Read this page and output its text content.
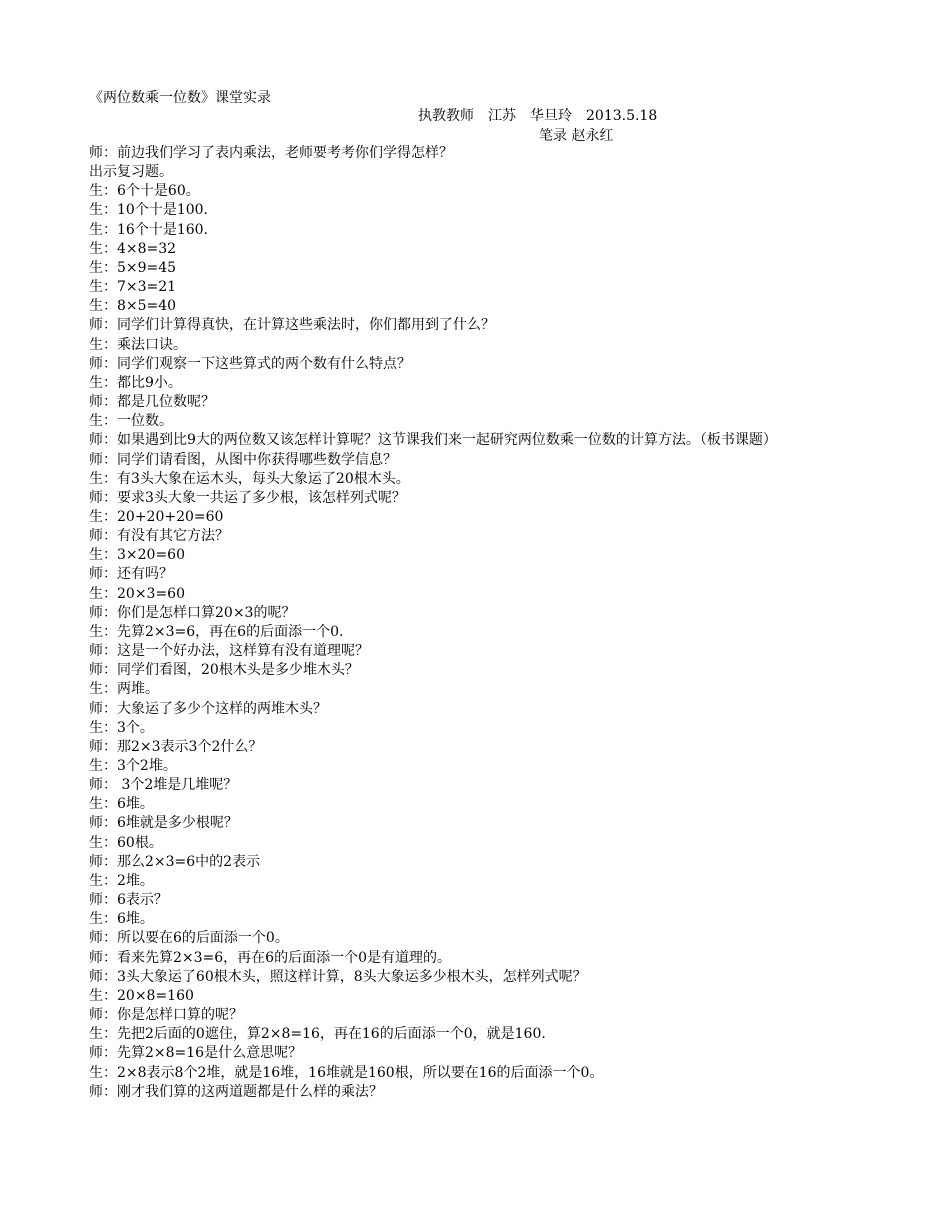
《两位数乘一位数》课堂实录
执教教师　江苏　华旦玲　2013.5.18
笔录 赵永红
师：前边我们学习了表内乘法，老师要考考你们学得怎样？
出示复习题。
生：6个十是60。
生：10个十是100.
生：16个十是160.
生：4×8=32
生：5×9=45
生：7×3=21
生：8×5=40
师：同学们计算得真快，在计算这些乘法时，你们都用到了什么？
生：乘法口诀。
师：同学们观察一下这些算式的两个数有什么特点？
生：都比9小。
师：都是几位数呢？
生：一位数。
师：如果遇到比9大的两位数又该怎样计算呢？这节课我们来一起研究两位数乘一位数的计算方法。（板书课题）
师：同学们请看图，从图中你获得哪些数学信息？
生：有3头大象在运木头，每头大象运了20根木头。
师：要求3头大象一共运了多少根，该怎样列式呢？
生：20+20+20=60
师：有没有其它方法？
生：3×20=60
师：还有吗？
生：20×3=60
师：你们是怎样口算20×3的呢？
生：先算2×3=6，再在6的后面添一个0.
师：这是一个好办法，这样算有没有道理呢？
师：同学们看图，20根木头是多少堆木头？
生：两堆。
师：大象运了多少个这样的两堆木头？
生：3个。
师：那2×3表示3个2什么？
生：3个2堆。
师： 3个2堆是几堆呢？
生：6堆。
师：6堆就是多少根呢？
生：60根。
师：那么2×3=6中的2表示
生：2堆。
师：6表示？
生：6堆。
师：所以要在6的后面添一个0。
师：看来先算2×3=6，再在6的后面添一个0是有道理的。
师：3头大象运了60根木头，照这样计算，8头大象运多少根木头，怎样列式呢？
生：20×8=160
师：你是怎样口算的呢？
生：先把2后面的0遮住，算2×8=16，再在16的后面添一个0，就是160.
师：先算2×8=16是什么意思呢？
生：2×8表示8个2堆，就是16堆，16堆就是160根，所以要在16的后面添一个0。
师：刚才我们算的这两道题都是什么样的乘法？
